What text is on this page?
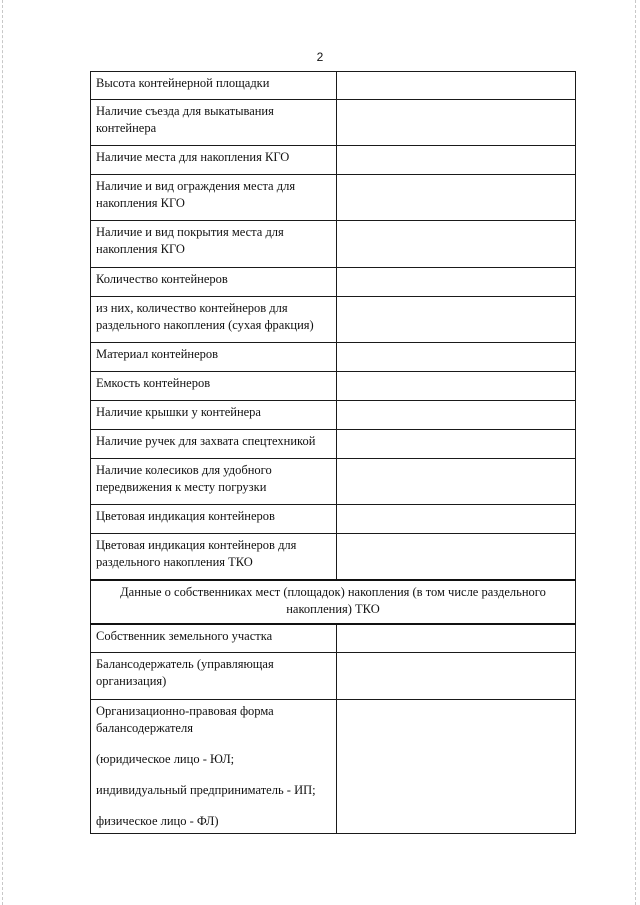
2
Высота контейнерной площадки	
Наличие съезда для выкатывания контейнера	
Наличие места для накопления КГО	
Наличие и вид ограждения места для накопления КГО	
Наличие и вид покрытия места для накопления КГО	
Количество контейнеров	
из них, количество контейнеров для раздельного накопления (сухая фракция)	
Материал контейнеров	
Емкость контейнеров	
Наличие крышки у контейнера	
Наличие ручек для захвата спецтехникой	
Наличие колесиков для удобного передвижения к месту погрузки	
Цветовая индикация контейнеров	
Цветовая индикация контейнеров для раздельного накопления ТКО	
Данные о собственниках мест (площадок) накопления (в том числе раздельного накопления) ТКО	
Собственник земельного участка	
Балансодержатель (управляющая организация)	

Организационно-правовая форма балансодержателя
(юридическое лицо - ЮЛ;
индивидуальный предприниматель - ИП;
физическое лицо - ФЛ)	
